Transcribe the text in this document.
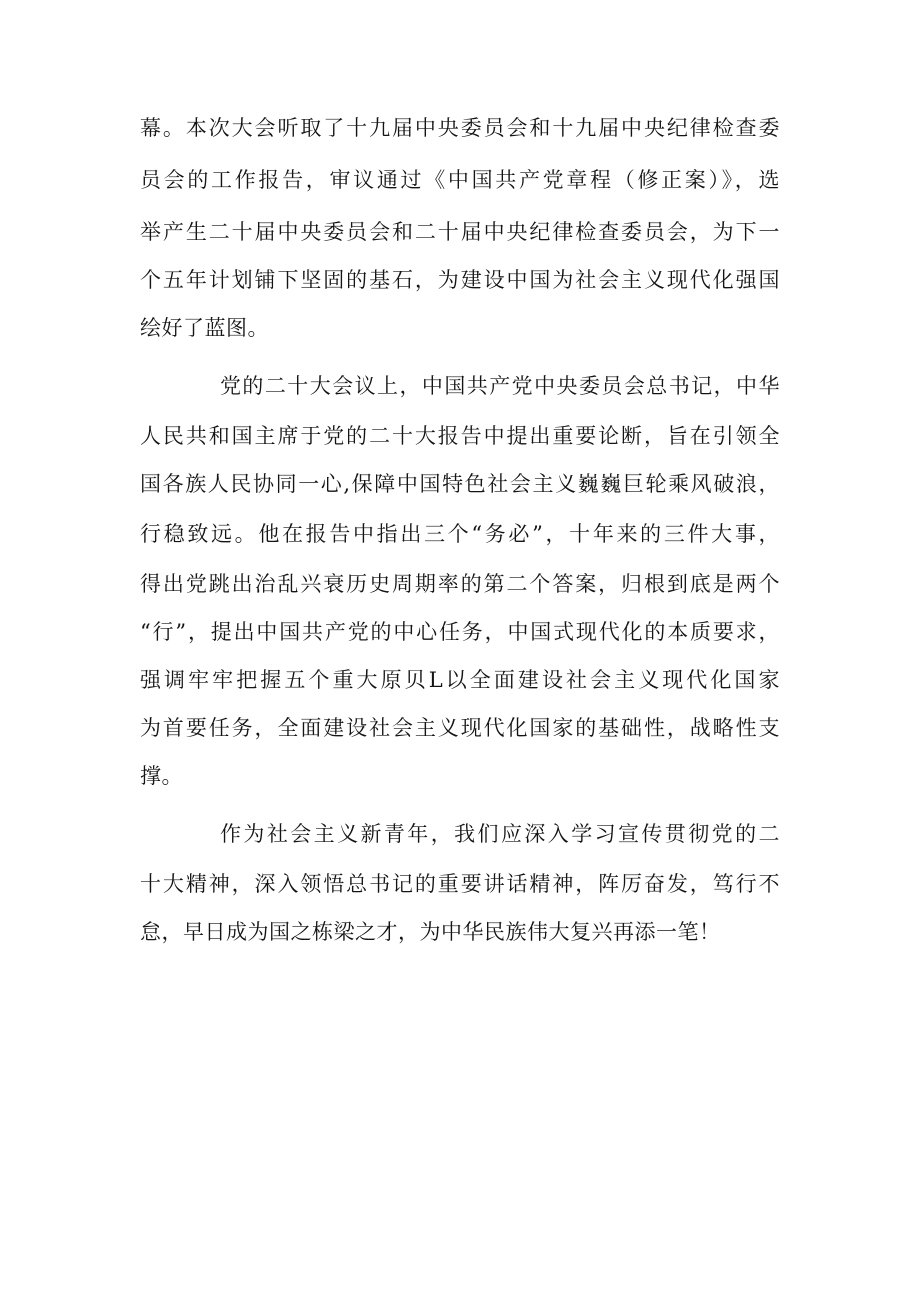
幕。本次大会听取了十九届中央委员会和十九届中央纪律检查委

员会的工作报告，审议通过《中国共产党章程（修正案）》，选

举产生二十届中央委员会和二十届中央纪律检查委员会，为下一

个五年计划铺下坚固的基石，为建设中国为社会主义现代化强国

绘好了蓝图。

党的二十大会议上，中国共产党中央委员会总书记，中华

人民共和国主席于党的二十大报告中提出重要论断，旨在引领全

国各族人民协同一心,保障中国特色社会主义巍巍巨轮乘风破浪，

行稳致远。他在报告中指出三个“务必”，十年来的三件大事，

得出党跳出治乱兴衰历史周期率的第二个答案，归根到底是两个

“行”，提出中国共产党的中心任务，中国式现代化的本质要求，

强调牢牢把握五个重大原贝L以全面建设社会主义现代化国家

为首要任务，全面建设社会主义现代化国家的基础性，战略性支

撑。

作为社会主义新青年，我们应深入学习宣传贯彻党的二

十大精神，深入领悟总书记的重要讲话精神，阵厉奋发，笃行不

怠，早日成为国之栋梁之才，为中华民族伟大复兴再添一笔！
